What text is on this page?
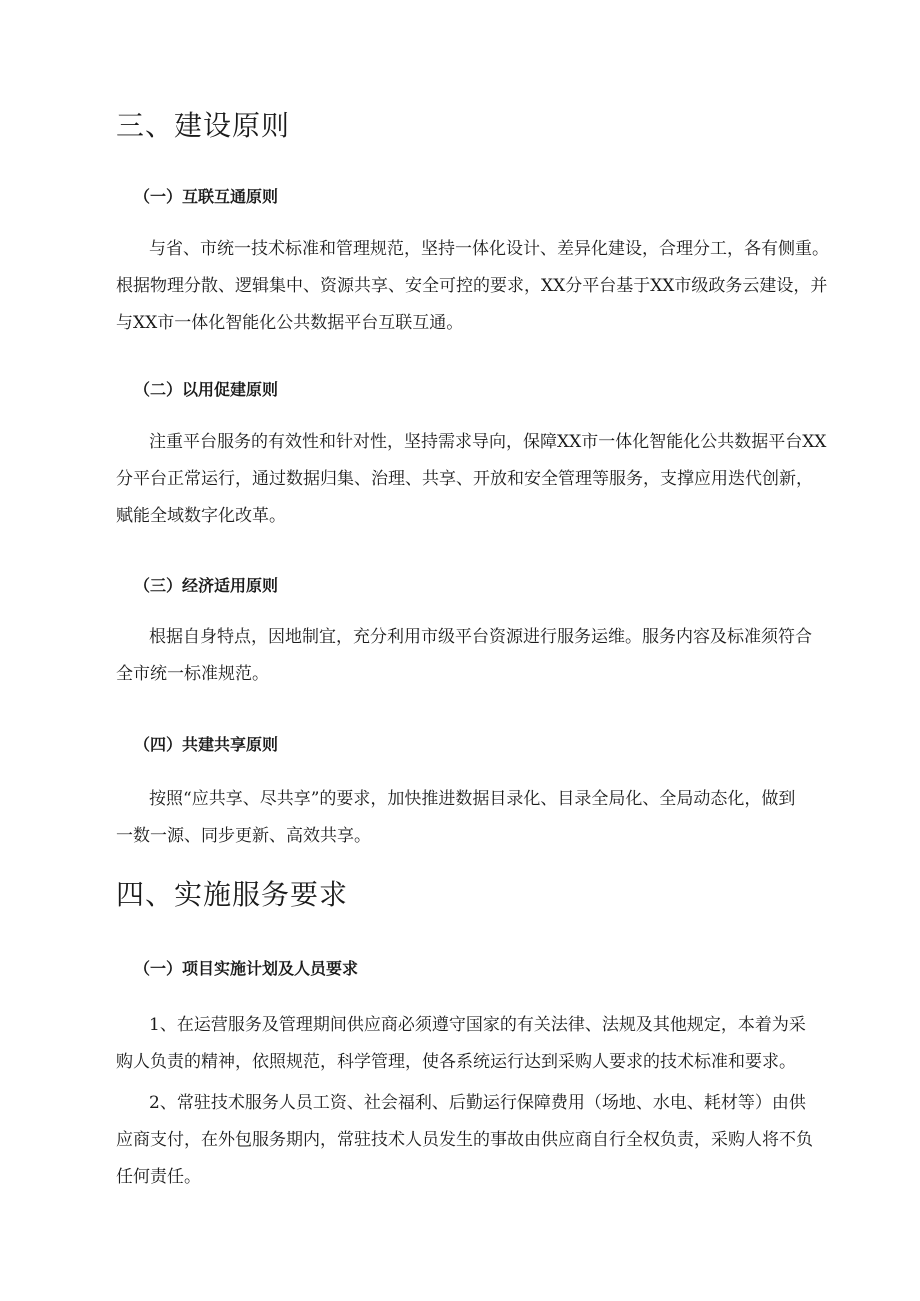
三、建设原则
（一）互联互通原则
与省、市统一技术标准和管理规范，坚持一体化设计、差异化建设，合理分工，各有侧重。
根据物理分散、逻辑集中、资源共享、安全可控的要求，XX分平台基于XX市级政务云建设，并
与XX市一体化智能化公共数据平台互联互通。
（二）以用促建原则
注重平台服务的有效性和针对性，坚持需求导向，保障XX市一体化智能化公共数据平台XX
分平台正常运行，通过数据归集、治理、共享、开放和安全管理等服务，支撑应用迭代创新，
赋能全域数字化改革。
（三）经济适用原则
根据自身特点，因地制宜，充分利用市级平台资源进行服务运维。服务内容及标准须符合
全市统一标准规范。
（四）共建共享原则
按照“应共享、尽共享”的要求，加快推进数据目录化、目录全局化、全局动态化，做到
一数一源、同步更新、高效共享。
四、实施服务要求
（一）项目实施计划及人员要求
1、在运营服务及管理期间供应商必须遵守国家的有关法律、法规及其他规定，本着为采
购人负责的精神，依照规范，科学管理，使各系统运行达到采购人要求的技术标准和要求。
2、常驻技术服务人员工资、社会福利、后勤运行保障费用（场地、水电、耗材等）由供
应商支付，在外包服务期内，常驻技术人员发生的事故由供应商自行全权负责，采购人将不负
任何责任。
